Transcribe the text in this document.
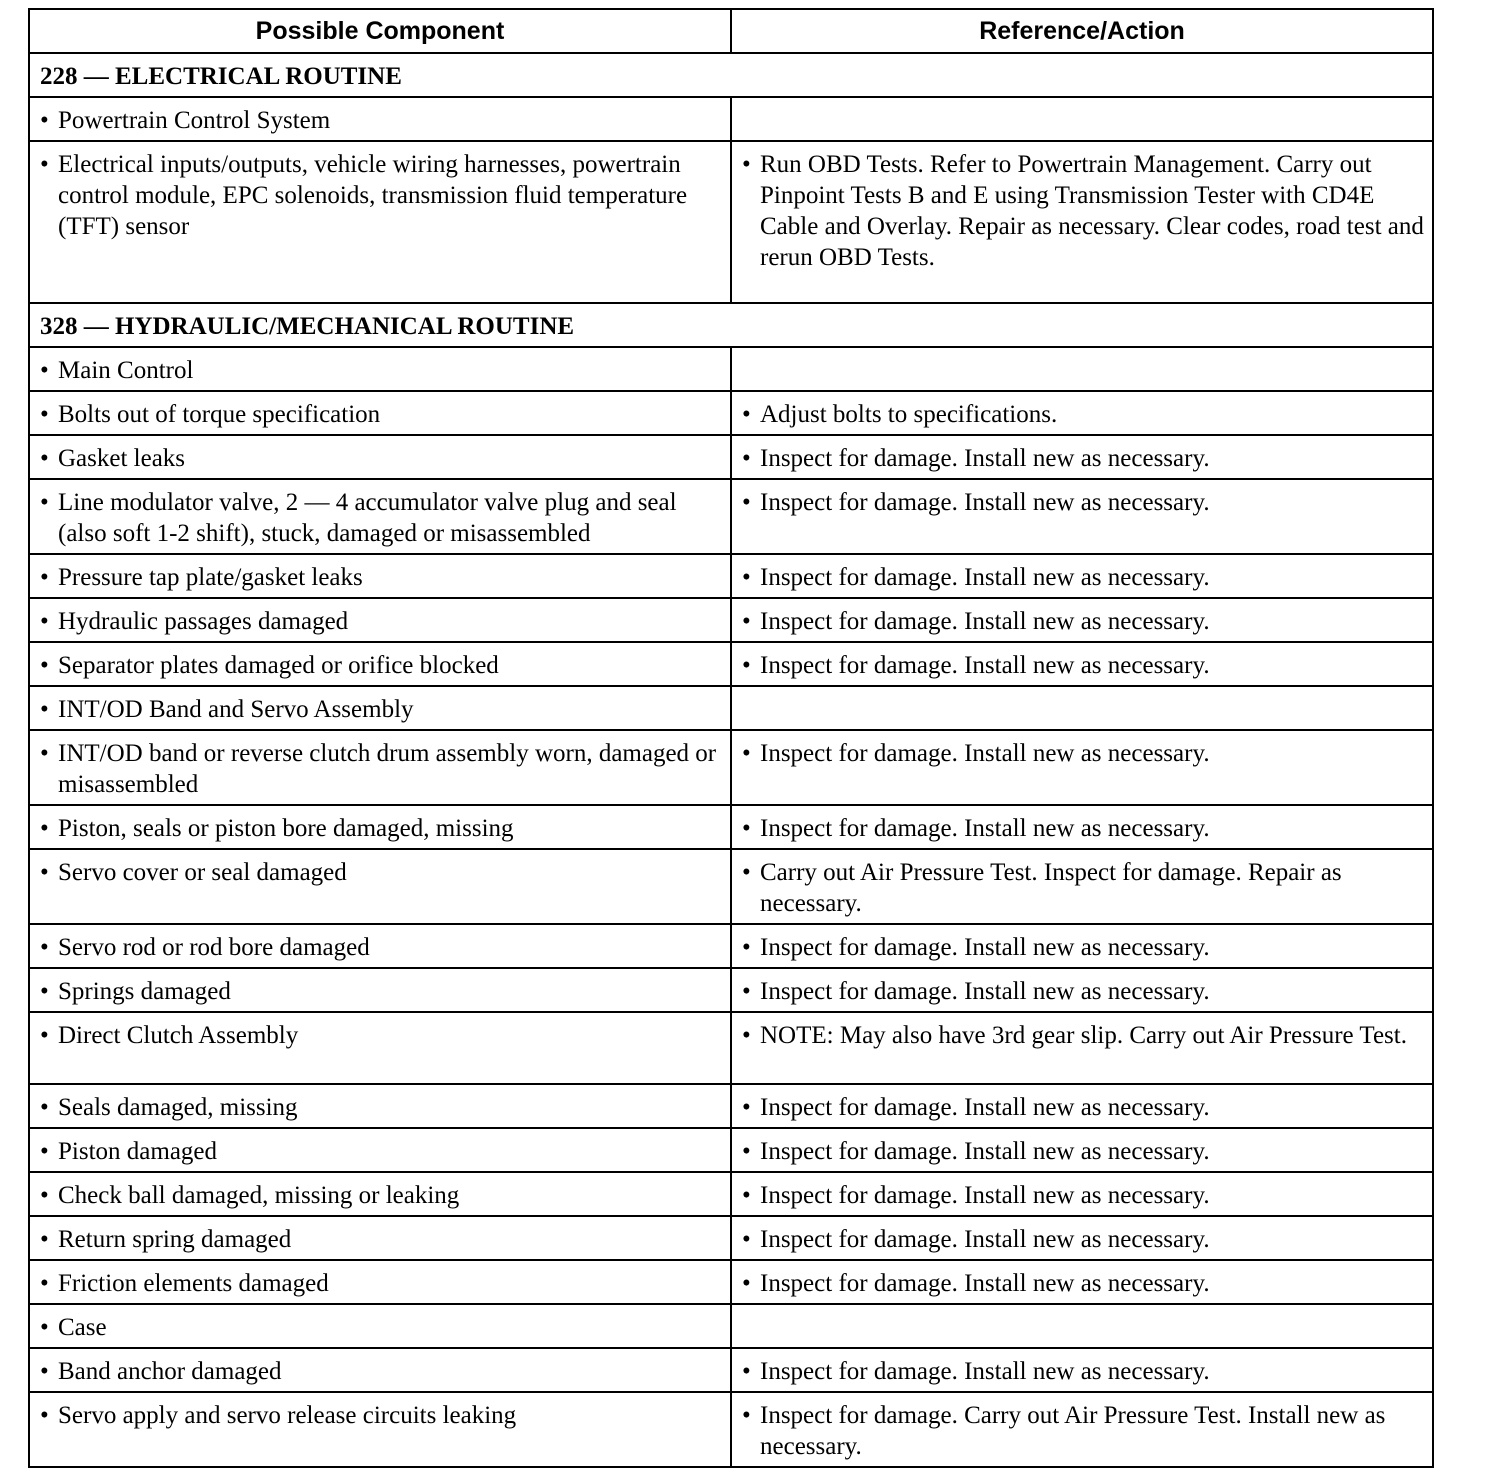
Possible Component	Reference/Action

228 — ELECTRICAL ROUTINE	

• Powertrain Control System	

• Electrical inputs/outputs, vehicle wiring harnesses, powertrain control module, EPC solenoids, transmission fluid temperature (TFT) sensor	• Run OBD Tests. Refer to Powertrain Management. Carry out Pinpoint Tests B and E using Transmission Tester with CD4E Cable and Overlay. Repair as necessary. Clear codes, road test and rerun OBD Tests.

328 — HYDRAULIC/MECHANICAL ROUTINE	

• Main Control	

• Bolts out of torque specification	• Adjust bolts to specifications.

• Gasket leaks	• Inspect for damage. Install new as necessary.

• Line modulator valve, 2 — 4 accumulator valve plug and seal (also soft 1-2 shift), stuck, damaged or misassembled	• Inspect for damage. Install new as necessary.

• Pressure tap plate/gasket leaks	• Inspect for damage. Install new as necessary.

• Hydraulic passages damaged	• Inspect for damage. Install new as necessary.

• Separator plates damaged or orifice blocked	• Inspect for damage. Install new as necessary.

• INT/OD Band and Servo Assembly	

• INT/OD band or reverse clutch drum assembly worn, damaged or misassembled	• Inspect for damage. Install new as necessary.

• Piston, seals or piston bore damaged, missing	• Inspect for damage. Install new as necessary.

• Servo cover or seal damaged	• Carry out Air Pressure Test. Inspect for damage. Repair as necessary.

• Servo rod or rod bore damaged	• Inspect for damage. Install new as necessary.

• Springs damaged	• Inspect for damage. Install new as necessary.

• Direct Clutch Assembly	• NOTE: May also have 3rd gear slip. Carry out Air Pressure Test.

• Seals damaged, missing	• Inspect for damage. Install new as necessary.

• Piston damaged	• Inspect for damage. Install new as necessary.

• Check ball damaged, missing or leaking	• Inspect for damage. Install new as necessary.

• Return spring damaged	• Inspect for damage. Install new as necessary.

• Friction elements damaged	• Inspect for damage. Install new as necessary.

• Case	

• Band anchor damaged	• Inspect for damage. Install new as necessary.

• Servo apply and servo release circuits leaking	• Inspect for damage. Carry out Air Pressure Test. Install new as necessary.
